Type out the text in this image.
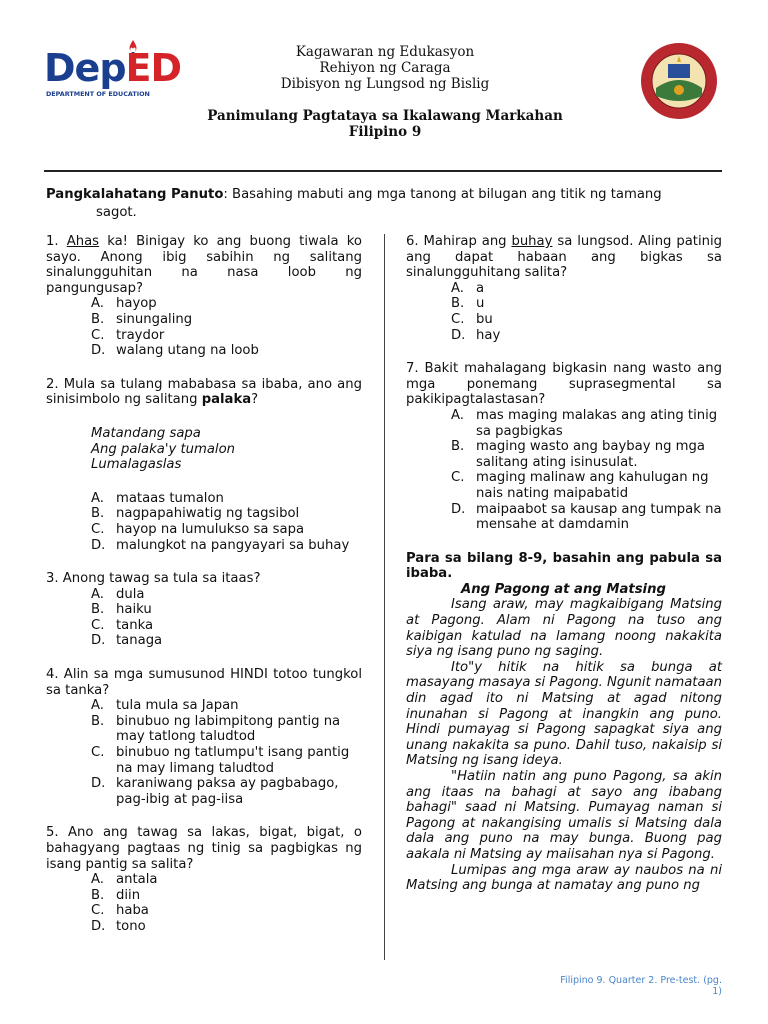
DepED
DEPARTMENT OF EDUCATION
Kagawaran ng Edukasyon
Rehiyon ng Caraga
Dibisyon ng Lungsod ng Bislig
Panimulang Pagtataya sa Ikalawang Markahan
Filipino 9
Pangkalahatang Panuto: Basahing mabuti ang mga tanong at bilugan ang titik ng tamang
sagot.
1. Ahas ka! Binigay ko ang buong tiwala ko sayo. Anong ibig sabihin ng salitang sinalungguhitan na nasa loob ng pangungusap?
A. hayop
B. sinungaling
C. traydor
D. walang utang na loob
2. Mula sa tulang mababasa sa ibaba, ano ang sinisimbolo ng salitang palaka?
Matandang sapa
Ang palaka'y tumalon
Lumalagaslas
A. mataas tumalon
B. nagpapahiwatig ng tagsibol
C. hayop na lumulukso sa sapa
D. malungkot na pangyayari sa buhay
3. Anong tawag sa tula sa itaas?
A. dula
B. haiku
C. tanka
D. tanaga
4. Alin sa mga sumusunod HINDI totoo tungkol sa tanka?
A. tula mula sa Japan
B. binubuo ng labimpitong pantig na may tatlong taludtod
C. binubuo ng tatlumpu't isang pantig na may limang taludtod
D. karaniwang paksa ay pagbabago, pag-ibig at pag-iisa
5. Ano ang tawag sa lakas, bigat, bigat, o bahagyang pagtaas ng tinig sa pagbigkas ng isang pantig sa salita?
A. antala
B. diin
C. haba
D. tono
6. Mahirap ang buhay sa lungsod. Aling patinig ang dapat habaan ang bigkas sa sinalungguhitang salita?
A. a
B. u
C. bu
D. hay
7. Bakit mahalagang bigkasin nang wasto ang mga ponemang suprasegmental sa pakikipagtalastasan?
A. mas maging malakas ang ating tinig sa pagbigkas
B. maging wasto ang baybay ng mga salitang ating isinusulat.
C. maging malinaw ang kahulugan ng nais nating maipabatid
D. maipaabot sa kausap ang tumpak na mensahe at damdamin
Para sa bilang 8-9, basahin ang pabula sa ibaba.
Ang Pagong at ang Matsing
Isang araw, may magkaibigang Matsing at Pagong. Alam ni Pagong na tuso ang kaibigan katulad na lamang noong nakakita siya ng isang puno ng saging.
Ito"y hitik na hitik sa bunga at masayang masaya si Pagong. Ngunit namataan din agad ito ni Matsing at agad nitong inunahan si Pagong at inangkin ang puno. Hindi pumayag si Pagong sapagkat siya ang unang nakakita sa puno. Dahil tuso, nakaisip si Matsing ng isang ideya.
"Hatiin natin ang puno Pagong, sa akin ang itaas na bahagi at sayo ang ibabang bahagi" saad ni Matsing. Pumayag naman si Pagong at nakangising umalis si Matsing dala dala ang puno na may bunga. Buong pag aakala ni Matsing ay maiisahan nya si Pagong.
Lumipas ang mga araw ay naubos na ni Matsing ang bunga at namatay ang puno ng
Filipino 9. Quarter 2. Pre-test. (pg. 1)
